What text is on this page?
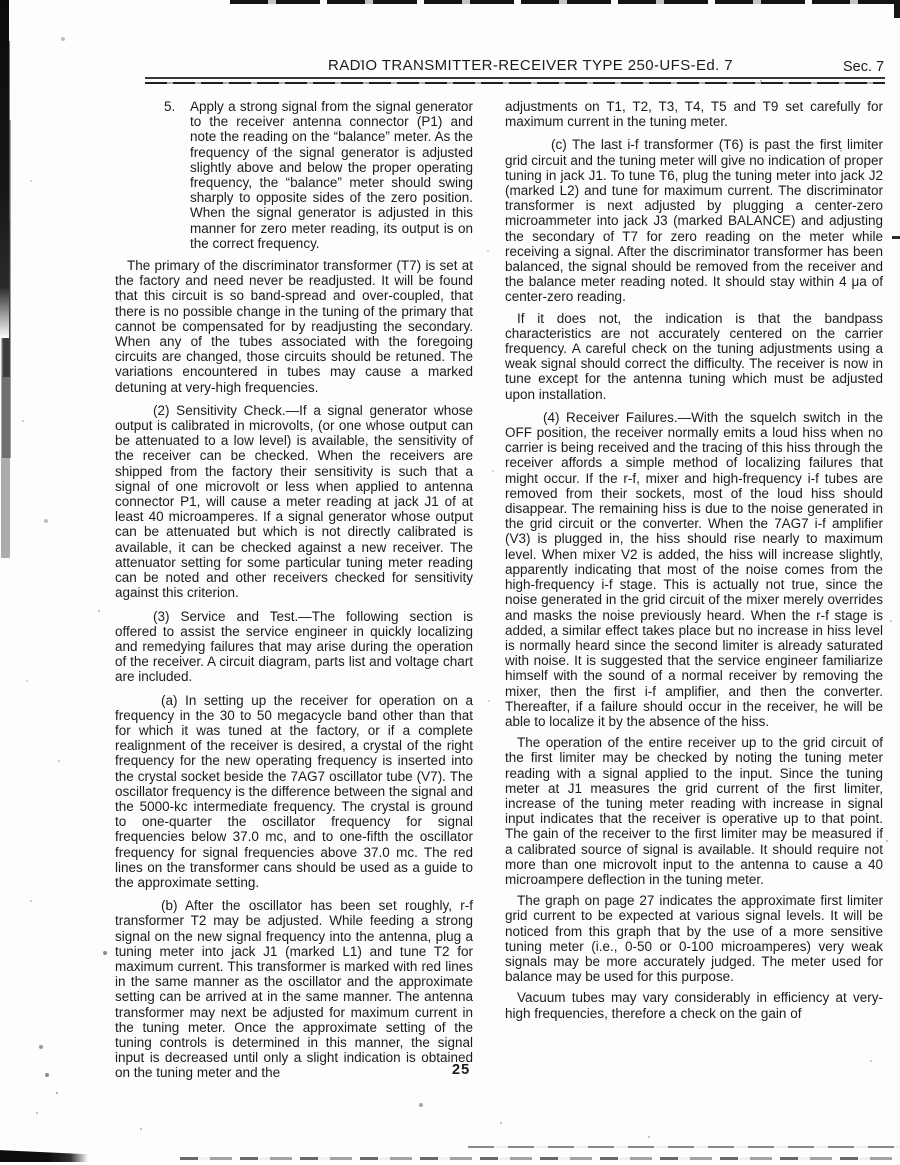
RADIO TRANSMITTER-RECEIVER TYPE 250-UFS-Ed. 7	Sec. 7
5.	Apply a strong signal from the signal generator to the receiver antenna connector (P1) and note the reading on the “balance” meter. As the frequency of the signal generator is adjusted slightly above and below the proper operating frequency, the “balance” meter should swing sharply to opposite sides of the zero position. When the signal generator is adjusted in this manner for zero meter reading, its output is on the correct frequency.

The primary of the discriminator transformer (T7) is set at the factory and need never be readjusted. It will be found that this circuit is so band-spread and over-coupled, that there is no possible change in the tuning of the primary that cannot be compensated for by readjusting the secondary. When any of the tubes associated with the foregoing circuits are changed, those circuits should be retuned. The variations encountered in tubes may cause a marked detuning at very-high frequencies.

(2) Sensitivity Check.—If a signal generator whose output is calibrated in microvolts, (or one whose output can be attenuated to a low level) is available, the sensitivity of the receiver can be checked. When the receivers are shipped from the factory their sensitivity is such that a signal of one microvolt or less when applied to antenna connector P1, will cause a meter reading at jack J1 of at least 40 microamperes. If a signal generator whose output can be attenuated but which is not directly calibrated is available, it can be checked against a new receiver. The attenuator setting for some particular tuning meter reading can be noted and other receivers checked for sensitivity against this criterion.

(3) Service and Test.—The following section is offered to assist the service engineer in quickly localizing and remedying failures that may arise during the operation of the receiver. A circuit diagram, parts list and voltage chart are included.

(a) In setting up the receiver for operation on a frequency in the 30 to 50 megacycle band other than that for which it was tuned at the factory, or if a complete realignment of the receiver is desired, a crystal of the right frequency for the new operating frequency is inserted into the crystal socket beside the 7AG7 oscillator tube (V7). The oscillator frequency is the difference between the signal and the 5000-kc intermediate frequency. The crystal is ground to one-quarter the oscillator frequency for signal frequencies below 37.0 mc, and to one-fifth the oscillator frequency for signal frequencies above 37.0 mc. The red lines on the transformer cans should be used as a guide to the approximate setting.

(b) After the oscillator has been set roughly, r-f transformer T2 may be adjusted. While feeding a strong signal on the new signal frequency into the antenna, plug a tuning meter into jack J1 (marked L1) and tune T2 for maximum current. This transformer is marked with red lines in the same manner as the oscillator and the approximate setting can be arrived at in the same manner. The antenna transformer may next be adjusted for maximum current in the tuning meter. Once the approximate setting of the tuning controls is determined in this manner, the signal input is decreased until only a slight indication is obtained on the tuning meter and the

adjustments on T1, T2, T3, T4, T5 and T9 set carefully for maximum current in the tuning meter.

(c) The last i-f transformer (T6) is past the first limiter grid circuit and the tuning meter will give no indication of proper tuning in jack J1. To tune T6, plug the tuning meter into jack J2 (marked L2) and tune for maximum current. The discriminator transformer is next adjusted by plugging a center-zero microammeter into jack J3 (marked BALANCE) and adjusting the secondary of T7 for zero reading on the meter while receiving a signal. After the discriminator transformer has been balanced, the signal should be removed from the receiver and the balance meter reading noted. It should stay within 4 μa of center-zero reading.

If it does not, the indication is that the bandpass characteristics are not accurately centered on the carrier frequency. A careful check on the tuning adjustments using a weak signal should correct the difficulty. The receiver is now in tune except for the antenna tuning which must be adjusted upon installation.

(4) Receiver Failures.—With the squelch switch in the OFF position, the receiver normally emits a loud hiss when no carrier is being received and the tracing of this hiss through the receiver affords a simple method of localizing failures that might occur. If the r-f, mixer and high-frequency i-f tubes are removed from their sockets, most of the loud hiss should disappear. The remaining hiss is due to the noise generated in the grid circuit or the converter. When the 7AG7 i-f amplifier (V3) is plugged in, the hiss should rise nearly to maximum level. When mixer V2 is added, the hiss will increase slightly, apparently indicating that most of the noise comes from the high-frequency i-f stage. This is actually not true, since the noise generated in the grid circuit of the mixer merely overrides and masks the noise previously heard. When the r-f stage is added, a similar effect takes place but no increase in hiss level is normally heard since the second limiter is already saturated with noise. It is suggested that the service engineer familiarize himself with the sound of a normal receiver by removing the mixer, then the first i-f amplifier, and then the converter. Thereafter, if a failure should occur in the receiver, he will be able to localize it by the absence of the hiss.

The operation of the entire receiver up to the grid circuit of the first limiter may be checked by noting the tuning meter reading with a signal applied to the input. Since the tuning meter at J1 measures the grid current of the first limiter, increase of the tuning meter reading with increase in signal input indicates that the receiver is operative up to that point. The gain of the receiver to the first limiter may be measured if a calibrated source of signal is available. It should require not more than one microvolt input to the antenna to cause a 40 microampere deflection in the tuning meter.

The graph on page 27 indicates the approximate first limiter grid current to be expected at various signal levels. It will be noticed from this graph that by the use of a more sensitive tuning meter (i.e., 0-50 or 0-100 microamperes) very weak signals may be more accurately judged. The meter used for balance may be used for this purpose.

Vacuum tubes may vary considerably in efficiency at very-high frequencies, therefore a check on the gain of

25
